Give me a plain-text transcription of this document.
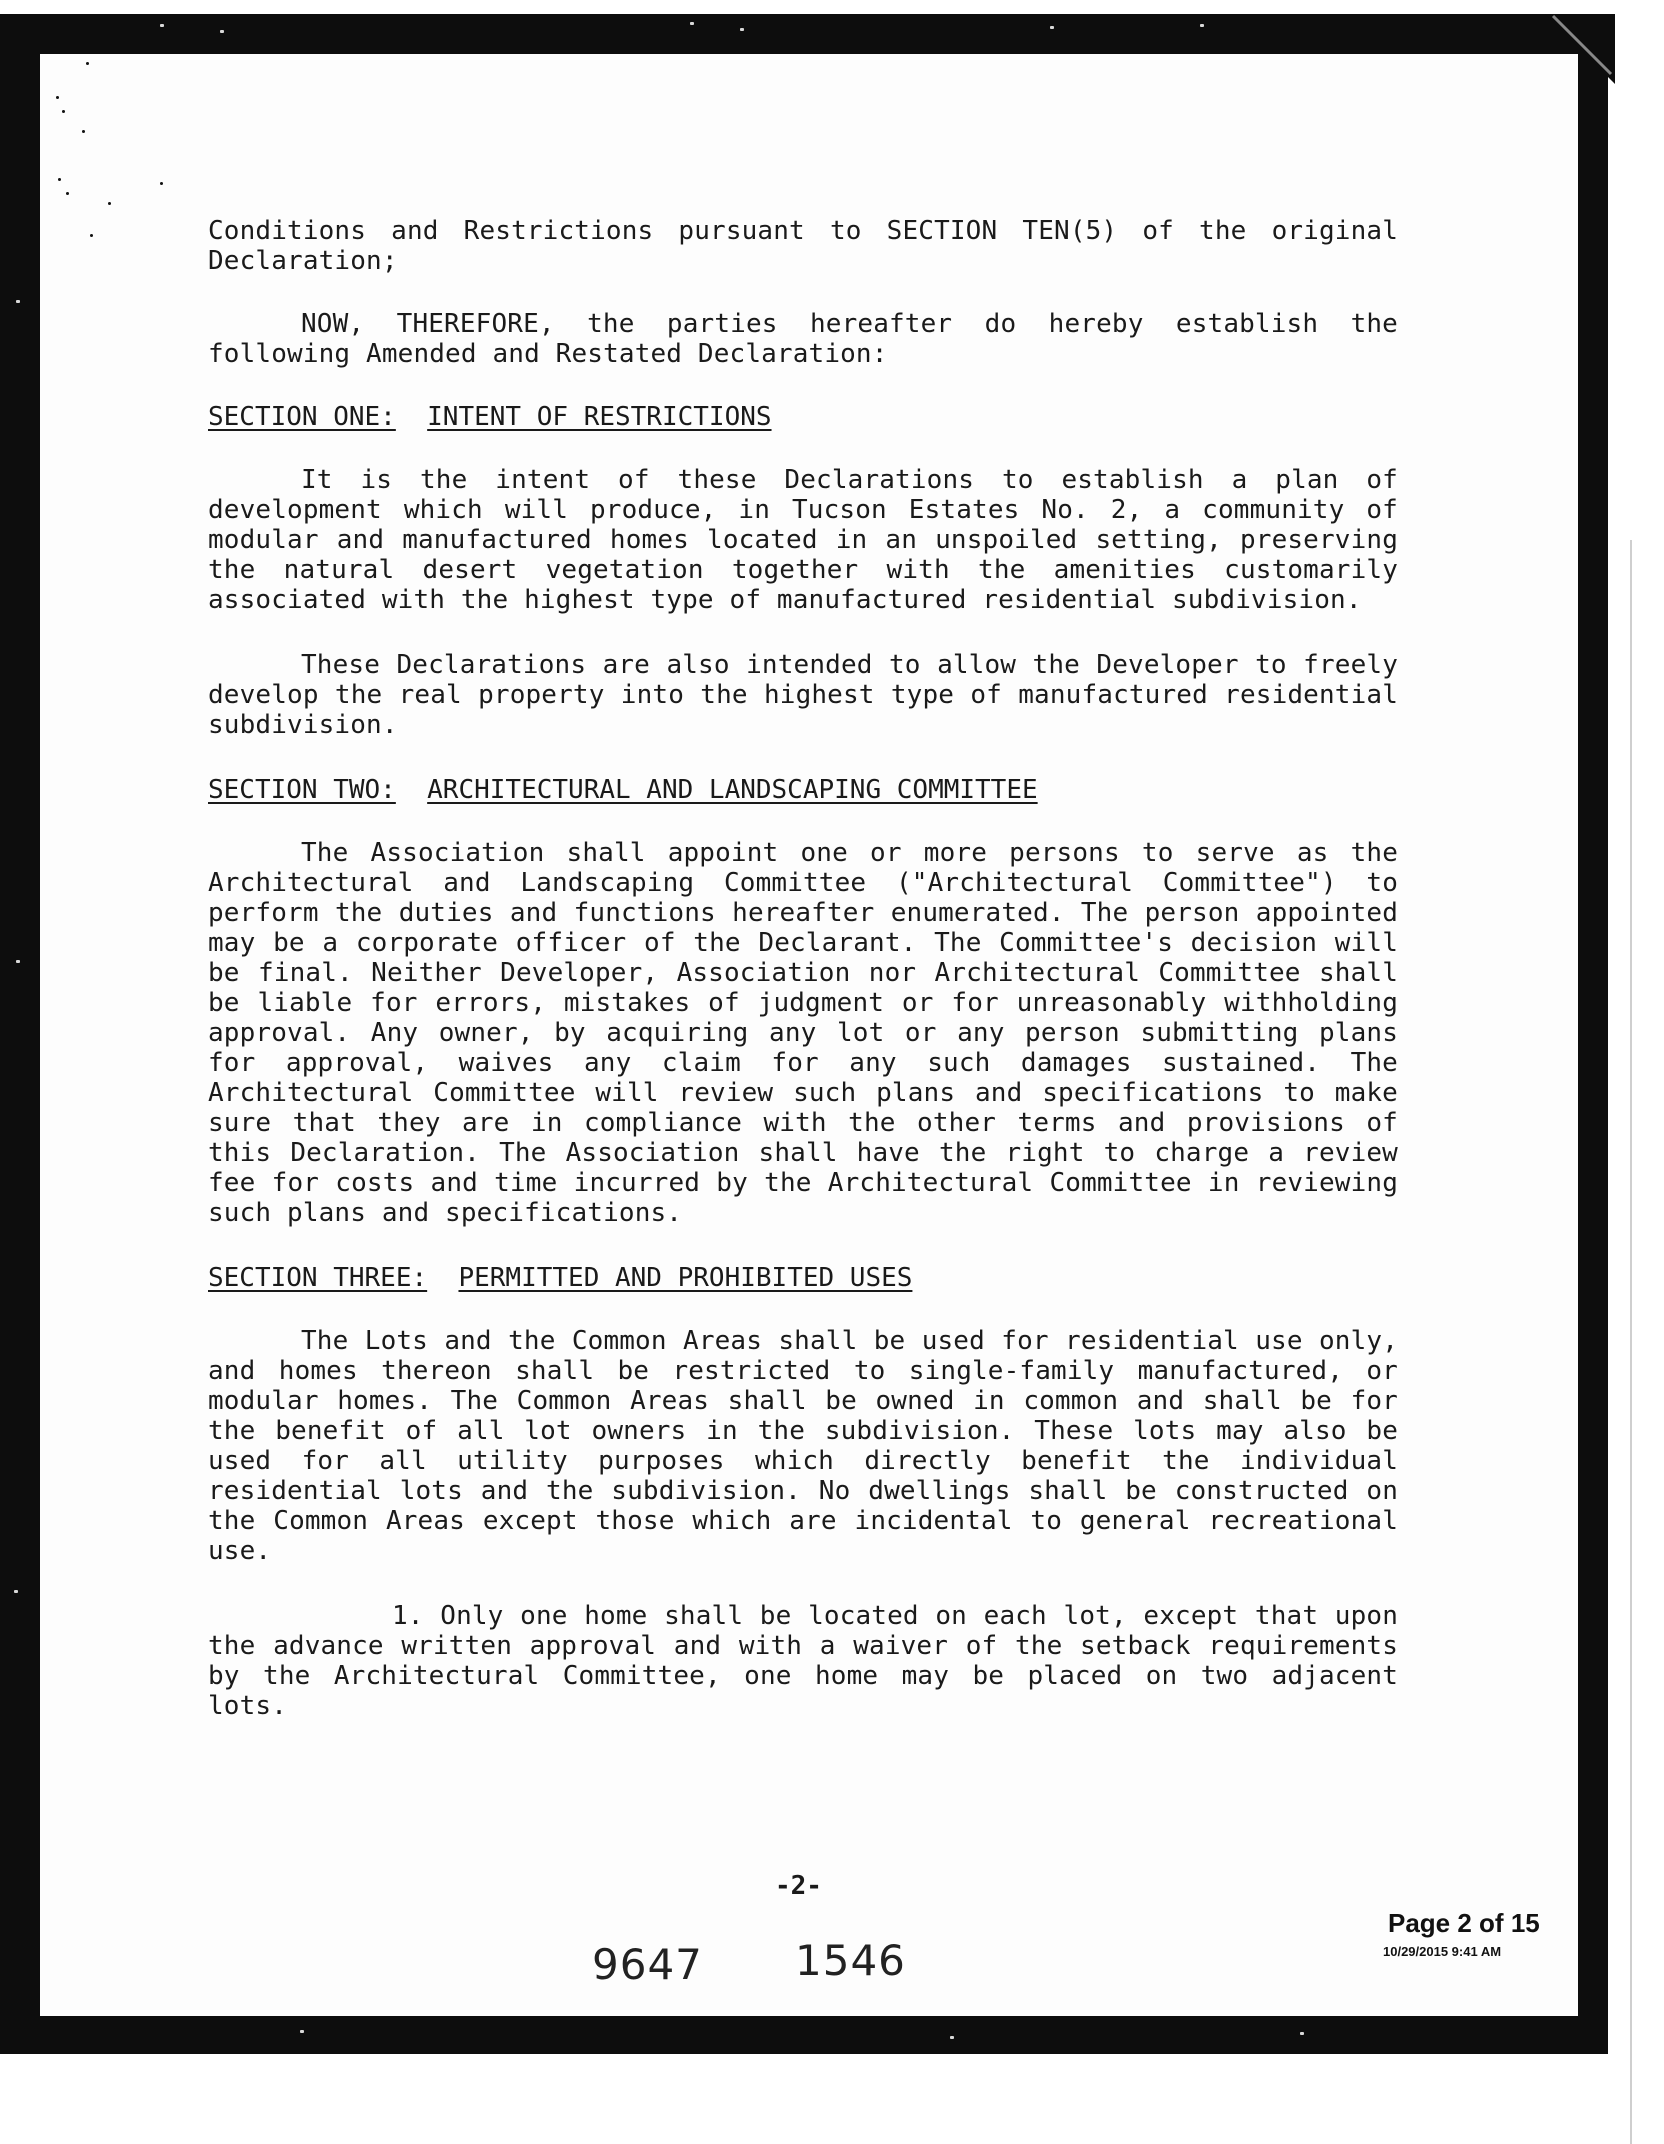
Conditions and Restrictions pursuant to SECTION TEN(5) of the original Declaration;

NOW, THEREFORE, the parties hereafter do hereby establish the following Amended and Restated Declaration:

SECTION ONE: INTENT OF RESTRICTIONS

It is the intent of these Declarations to establish a plan of development which will produce, in Tucson Estates No. 2, a community of modular and manufactured homes located in an unspoiled setting, preserving the natural desert vegetation together with the amenities customarily associated with the highest type of manufactured residential subdivision.

These Declarations are also intended to allow the Developer to freely develop the real property into the highest type of manufactured residential subdivision.

SECTION TWO: ARCHITECTURAL AND LANDSCAPING COMMITTEE

The Association shall appoint one or more persons to serve as the Architectural and Landscaping Committee ("Architectural Committee") to perform the duties and functions hereafter enumerated. The person appointed may be a corporate officer of the Declarant. The Committee's decision will be final. Neither Developer, Association nor Architectural Committee shall be liable for errors, mistakes of judgment or for unreasonably withholding approval. Any owner, by acquiring any lot or any person submitting plans for approval, waives any claim for any such damages sustained. The Architectural Committee will review such plans and specifications to make sure that they are in compliance with the other terms and provisions of this Declaration. The Association shall have the right to charge a review fee for costs and time incurred by the Architectural Committee in reviewing such plans and specifications.

SECTION THREE: PERMITTED AND PROHIBITED USES

The Lots and the Common Areas shall be used for residential use only, and homes thereon shall be restricted to single-family manufactured, or modular homes. The Common Areas shall be owned in common and shall be for the benefit of all lot owners in the subdivision. These lots may also be used for all utility purposes which directly benefit the individual residential lots and the subdivision. No dwellings shall be constructed on the Common Areas except those which are incidental to general recreational use.

1. Only one home shall be located on each lot, except that upon the advance written approval and with a waiver of the setback requirements by the Architectural Committee, one home may be placed on two adjacent lots.

-2-
9647 1546
Page 2 of 15
10/29/2015 9:41 AM
